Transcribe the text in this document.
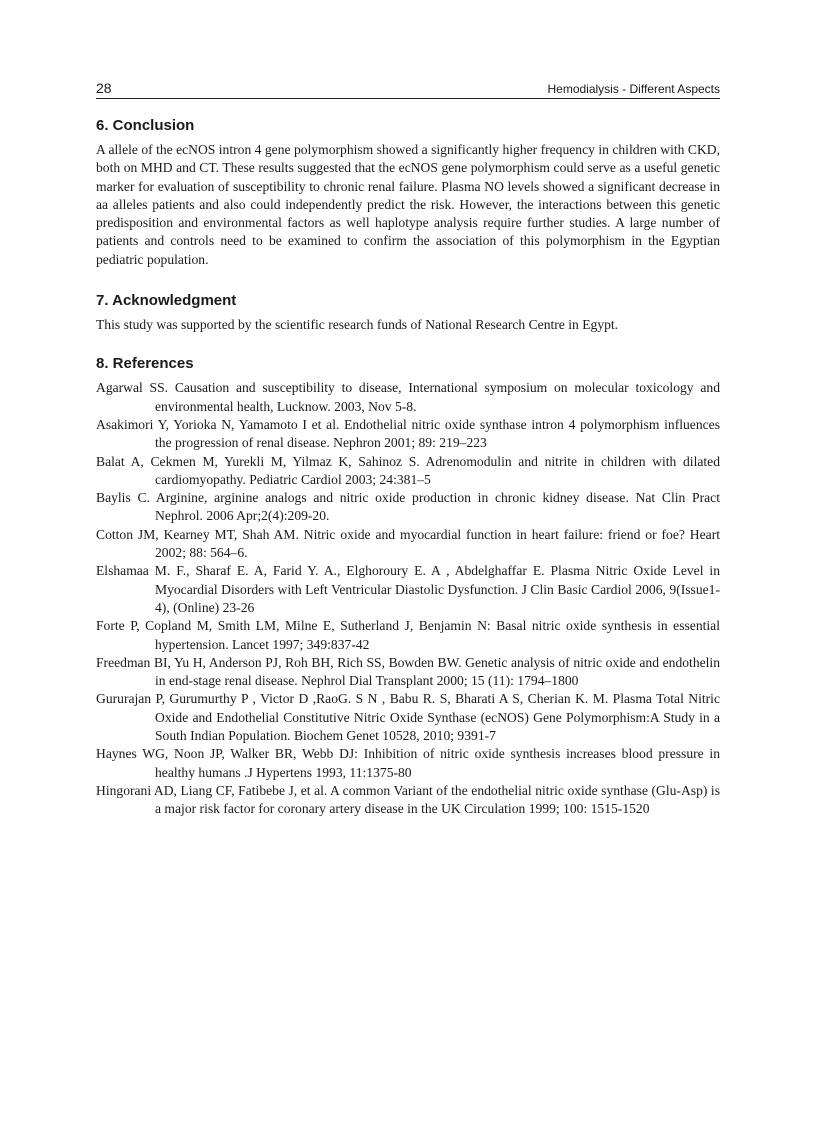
28	Hemodialysis - Different Aspects
6. Conclusion

A allele of the ecNOS intron 4 gene polymorphism showed a significantly higher frequency in children with CKD, both on MHD and CT. These results suggested that the ecNOS gene polymorphism could serve as a useful genetic marker for evaluation of susceptibility to chronic renal failure. Plasma NO levels showed a significant decrease in aa alleles patients and also could independently predict the risk. However, the interactions between this genetic predisposition and environmental factors as well haplotype analysis require further studies. A large number of patients and controls need to be examined to confirm the association of this polymorphism in the Egyptian pediatric population.

7. Acknowledgment

This study was supported by the scientific research funds of National Research Centre in Egypt.

8. References
Agarwal SS. Causation and susceptibility to disease, International symposium on molecular toxicology and environmental health, Lucknow. 2003, Nov 5-8.
Asakimori Y, Yorioka N, Yamamoto I et al. Endothelial nitric oxide synthase intron 4 polymorphism influences the progression of renal disease. Nephron 2001; 89: 219–223
Balat A, Cekmen M, Yurekli M, Yilmaz K, Sahinoz S. Adrenomodulin and nitrite in children with dilated cardiomyopathy. Pediatric Cardiol 2003; 24:381–5
Baylis C. Arginine, arginine analogs and nitric oxide production in chronic kidney disease. Nat Clin Pract Nephrol. 2006 Apr;2(4):209-20.
Cotton JM, Kearney MT, Shah AM. Nitric oxide and myocardial function in heart failure: friend or foe? Heart 2002; 88: 564–6.
Elshamaa M. F., Sharaf E. A, Farid Y. A., Elghoroury E. A , Abdelghaffar E. Plasma Nitric Oxide Level in Myocardial Disorders with Left Ventricular Diastolic Dysfunction. J Clin Basic Cardiol 2006, 9(Issue1-4), (Online) 23-26
Forte P, Copland M, Smith LM, Milne E, Sutherland J, Benjamin N: Basal nitric oxide synthesis in essential hypertension. Lancet 1997; 349:837-42
Freedman BI, Yu H, Anderson PJ, Roh BH, Rich SS, Bowden BW. Genetic analysis of nitric oxide and endothelin in end-stage renal disease. Nephrol Dial Transplant 2000; 15 (11): 1794–1800
Gururajan P, Gurumurthy P , Victor D ,RaoG. S N , Babu R. S, Bharati A S, Cherian K. M. Plasma Total Nitric Oxide and Endothelial Constitutive Nitric Oxide Synthase (ecNOS) Gene Polymorphism:A Study in a South Indian Population. Biochem Genet 10528, 2010; 9391-7
Haynes WG, Noon JP, Walker BR, Webb DJ: Inhibition of nitric oxide synthesis increases blood pressure in healthy humans .J Hypertens 1993, 11:1375-80
Hingorani AD, Liang CF, Fatibebe J, et al. A common Variant of the endothelial nitric oxide synthase (Glu-Asp) is a major risk factor for coronary artery disease in the UK Circulation 1999; 100: 1515-1520
